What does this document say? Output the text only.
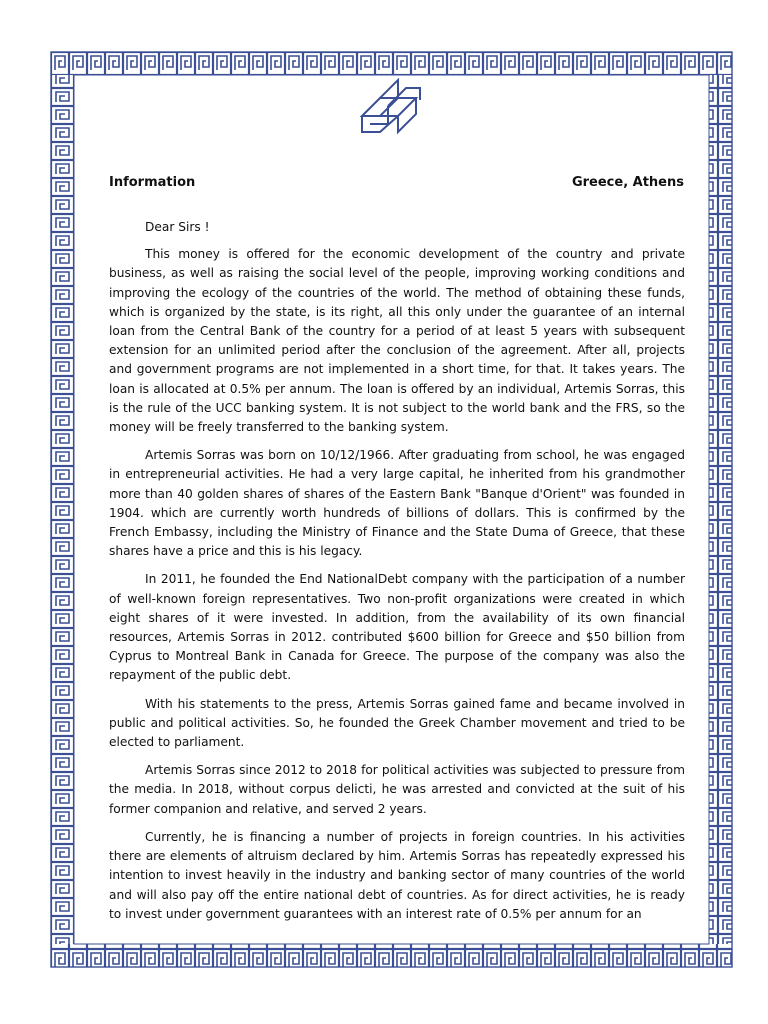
Information	Greece, Athens

Dear Sirs !

This money is offered for the economic development of the country and private business, as well as raising the social level of the people, improving working conditions and improving the ecology of the countries of the world. The method of obtaining these funds, which is organized by the state, is its right, all this only under the guarantee of an internal loan from the Central Bank of the country for a period of at least 5 years with subsequent extension for an unlimited period after the conclusion of the agreement. After all, projects and government programs are not implemented in a short time, for that. It takes years. The loan is allocated at 0.5% per annum. The loan is offered by an individual, Artemis Sorras, this is the rule of the UCC banking system. It is not subject to the world bank and the FRS, so the money will be freely transferred to the banking system.

Artemis Sorras was born on 10/12/1966. After graduating from school, he was engaged in entrepreneurial activities. He had a very large capital, he inherited from his grandmother more than 40 golden shares of shares of the Eastern Bank "Banque d'Orient" was founded in 1904. which are currently worth hundreds of billions of dollars. This is confirmed by the French Embassy, including the Ministry of Finance and the State Duma of Greece, that these shares have a price and this is his legacy.

In 2011, he founded the End NationalDebt company with the participation of a number of well-known foreign representatives. Two non-profit organizations were created in which eight shares of it were invested. In addition, from the availability of its own financial resources, Artemis Sorras in 2012. contributed $600 billion for Greece and $50 billion from Cyprus to Montreal Bank in Canada for Greece. The purpose of the company was also the repayment of the public debt.

With his statements to the press, Artemis Sorras gained fame and became involved in public and political activities. So, he founded the Greek Chamber movement and tried to be elected to parliament.

Artemis Sorras since 2012 to 2018 for political activities was subjected to pressure from the media. In 2018, without corpus delicti, he was arrested and convicted at the suit of his former companion and relative, and served 2 years.

Currently, he is financing a number of projects in foreign countries. In his activities there are elements of altruism declared by him. Artemis Sorras has repeatedly expressed his intention to invest heavily in the industry and banking sector of many countries of the world and will also pay off the entire national debt of countries. As for direct activities, he is ready to invest under government guarantees with an interest rate of 0.5% per annum for an
